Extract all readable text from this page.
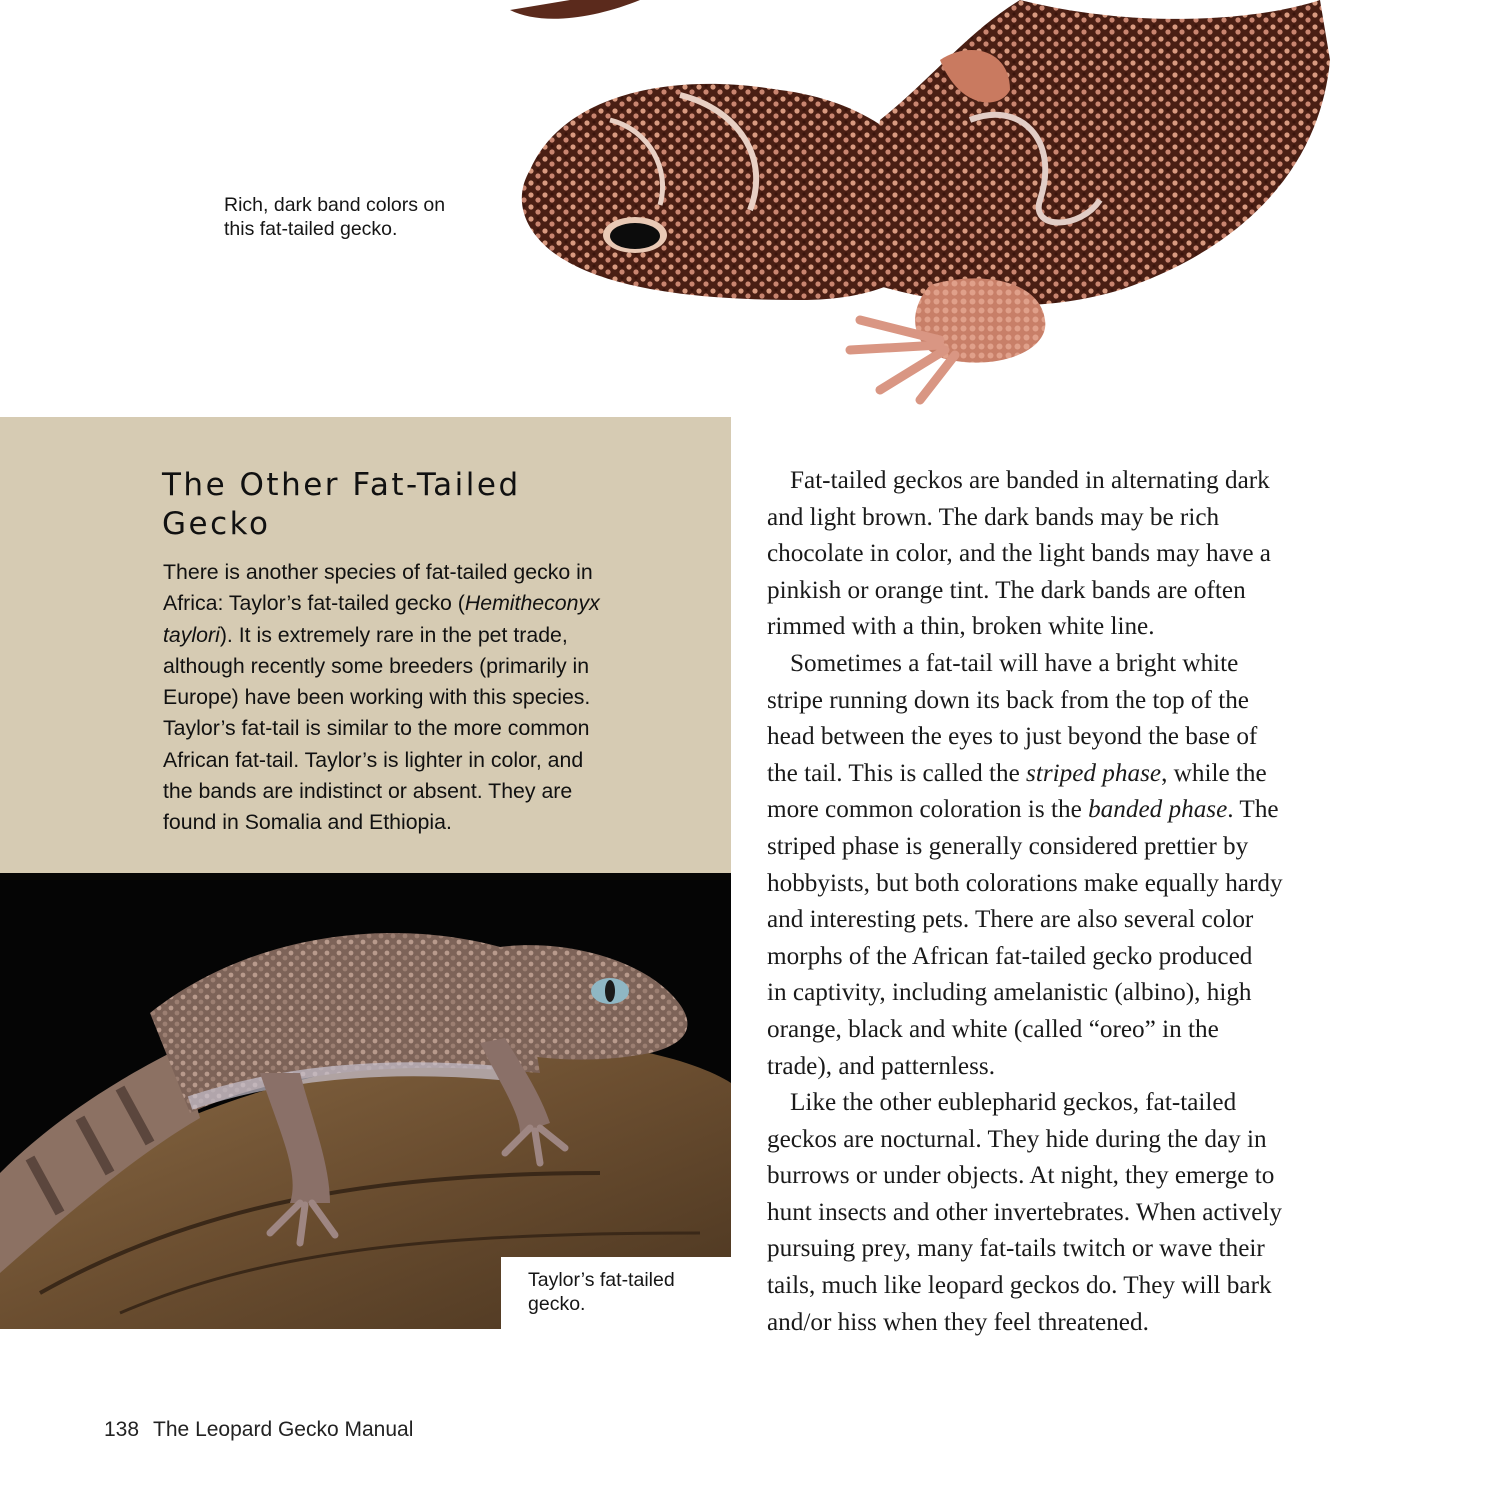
Rich, dark band colors on
this fat-tailed gecko.
The Other Fat-Tailed
Gecko
There is another species of fat-tailed gecko in
Africa: Taylor’s fat-tailed gecko (Hemitheconyx
taylori). It is extremely rare in the pet trade,
although recently some breeders (primarily in
Europe) have been working with this species.
Taylor’s fat-tail is similar to the more common
African fat-tail. Taylor’s is lighter in color, and
the bands are indistinct or absent. They are
found in Somalia and Ethiopia.
Taylor’s fat-tailed
gecko.
Fat-tailed geckos are banded in alternating dark
and light brown. The dark bands may be rich
chocolate in color, and the light bands may have a
pinkish or orange tint. The dark bands are often
rimmed with a thin, broken white line.
Sometimes a fat-tail will have a bright white
stripe running down its back from the top of the
head between the eyes to just beyond the base of
the tail. This is called the striped phase, while the
more common coloration is the banded phase. The
striped phase is generally considered prettier by
hobbyists, but both colorations make equally hardy
and interesting pets. There are also several color
morphs of the African fat-tailed gecko produced
in captivity, including amelanistic (albino), high
orange, black and white (called “oreo” in the
trade), and patternless.
Like the other eublepharid geckos, fat-tailed
geckos are nocturnal. They hide during the day in
burrows or under objects. At night, they emerge to
hunt insects and other invertebrates. When actively
pursuing prey, many fat-tails twitch or wave their
tails, much like leopard geckos do. They will bark
and/or hiss when they feel threatened.
138 The Leopard Gecko Manual
